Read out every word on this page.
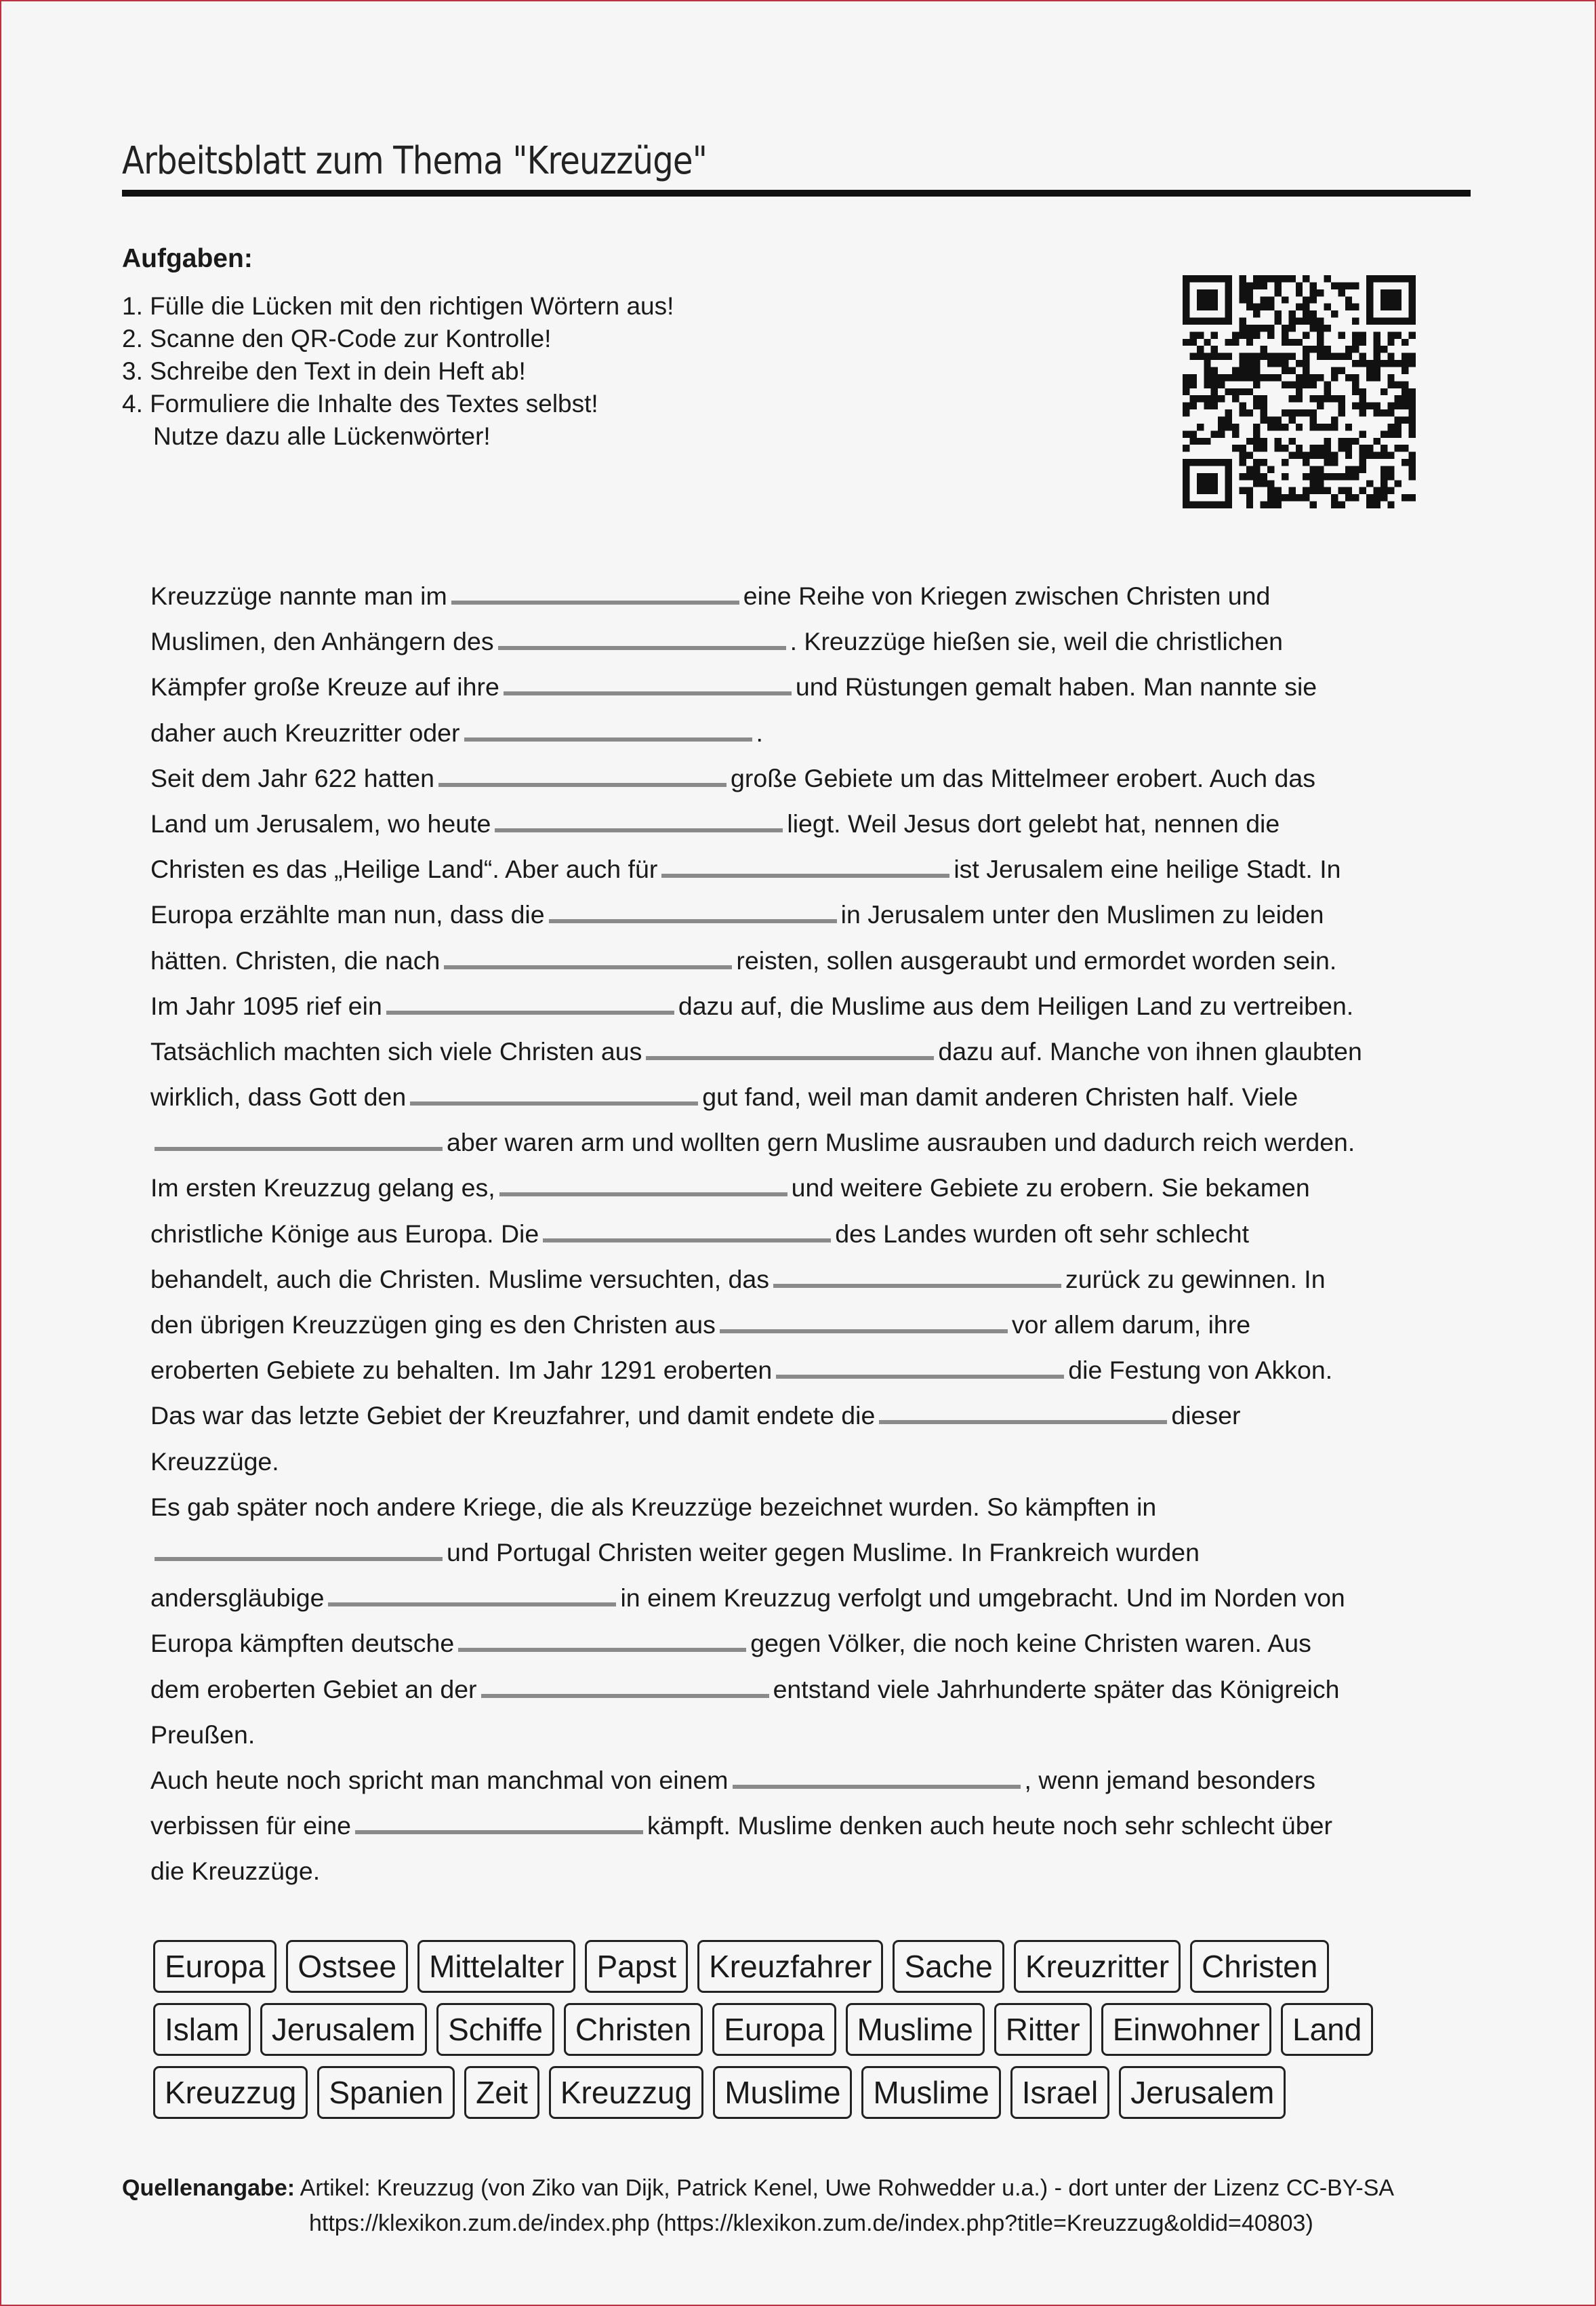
Arbeitsblatt zum Thema "Kreuzzüge"
Aufgaben:
1. Fülle die Lücken mit den richtigen Wörtern aus!
2. Scanne den QR-Code zur Kontrolle!
3. Schreibe den Text in dein Heft ab!
4. Formuliere die Inhalte des Textes selbst!
Nutze dazu alle Lückenwörter!
Kreuzzüge nannte man im	eine Reihe von Kriegen zwischen Christen und
Muslimen, den Anhängern des	. Kreuzzüge hießen sie, weil die christlichen
Kämpfer große Kreuze auf ihre	und Rüstungen gemalt haben. Man nannte sie
daher auch Kreuzritter oder	.
Seit dem Jahr 622 hatten	große Gebiete um das Mittelmeer erobert. Auch das
Land um Jerusalem, wo heute	liegt. Weil Jesus dort gelebt hat, nennen die
Christen es das „Heilige Land“. Aber auch für	ist Jerusalem eine heilige Stadt. In
Europa erzählte man nun, dass die	in Jerusalem unter den Muslimen zu leiden
hätten. Christen, die nach	reisten, sollen ausgeraubt und ermordet worden sein.
Im Jahr 1095 rief ein	dazu auf, die Muslime aus dem Heiligen Land zu vertreiben.
Tatsächlich machten sich viele Christen aus	dazu auf. Manche von ihnen glaubten
wirklich, dass Gott den	gut fand, weil man damit anderen Christen half. Viele
aber waren arm und wollten gern Muslime ausrauben und dadurch reich werden.
Im ersten Kreuzzug gelang es,	und weitere Gebiete zu erobern. Sie bekamen
christliche Könige aus Europa. Die	des Landes wurden oft sehr schlecht
behandelt, auch die Christen. Muslime versuchten, das	zurück zu gewinnen. In
den übrigen Kreuzzügen ging es den Christen aus	vor allem darum, ihre
eroberten Gebiete zu behalten. Im Jahr 1291 eroberten	die Festung von Akkon.
Das war das letzte Gebiet der Kreuzfahrer, und damit endete die	dieser
Kreuzzüge.
Es gab später noch andere Kriege, die als Kreuzzüge bezeichnet wurden. So kämpften in
und Portugal Christen weiter gegen Muslime. In Frankreich wurden
andersgläubige	in einem Kreuzzug verfolgt und umgebracht. Und im Norden von
Europa kämpften deutsche	gegen Völker, die noch keine Christen waren. Aus
dem eroberten Gebiet an der	entstand viele Jahrhunderte später das Königreich
Preußen.
Auch heute noch spricht man manchmal von einem	, wenn jemand besonders
verbissen für eine	kämpft. Muslime denken auch heute noch sehr schlecht über
die Kreuzzüge.
Europa	Ostsee	Mittelalter	Papst	Kreuzfahrer	Sache	Kreuzritter	Christen
Islam	Jerusalem	Schiffe	Christen	Europa	Muslime	Ritter	Einwohner	Land
Kreuzzug	Spanien	Zeit	Kreuzzug	Muslime	Muslime	Israel	Jerusalem
Quellenangabe: Artikel: Kreuzzug (von Ziko van Dijk, Patrick Kenel, Uwe Rohwedder u.a.) - dort unter der Lizenz CC-BY-SA
https://klexikon.zum.de/index.php (https://klexikon.zum.de/index.php?title=Kreuzzug&oldid=40803)
